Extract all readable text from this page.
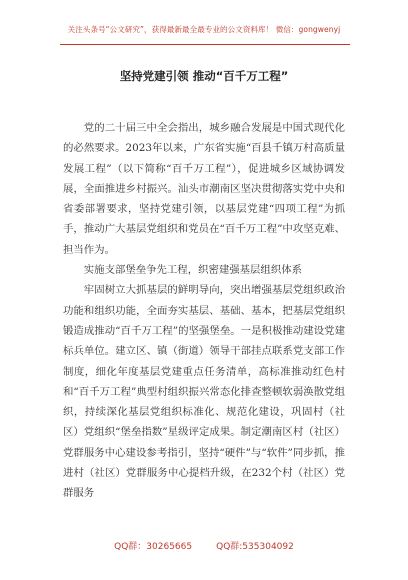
关注头条号“公文研究”，获得最新最全最专业的公文资料库！ 微信：gongwenyj
坚持党建引领 推动“百千万工程”

党的二十届三中全会指出，城乡融合发展是中国式现代化的必然要求。2023年以来，广东省实施“百县千镇万村高质量发展工程”（以下简称“百千万工程”），促进城乡区域协调发展，全面推进乡村振兴。汕头市潮南区坚决贯彻落实党中央和省委部署要求，坚持党建引领，以基层党建“四项工程”为抓手，推动广大基层党组织和党员在“百千万工程”中攻坚克难、担当作为。

实施支部堡垒争先工程，织密建强基层组织体系

牢固树立大抓基层的鲜明导向，突出增强基层党组织政治功能和组织功能，全面夯实基层、基础、基本，把基层党组织锻造成推动“百千万工程”的坚强堡垒。一是积极推动建设党建标兵单位。建立区、镇（街道）领导干部挂点联系党支部工作制度，细化年度基层党建重点任务清单，高标准推动红色村和“百千万工程”典型村组织振兴常态化排查整顿软弱涣散党组织，持续深化基层党组织标准化、规范化建设，巩固村（社区）党组织“堡垒指数”星级评定成果。制定潮南区村（社区）党群服务中心建设参考指引，坚持“硬件”与“软件”同步抓，推进村（社区）党群服务中心提档升级，在232个村（社区）党群服务

QQ群：30265665	QQ群:535304092
